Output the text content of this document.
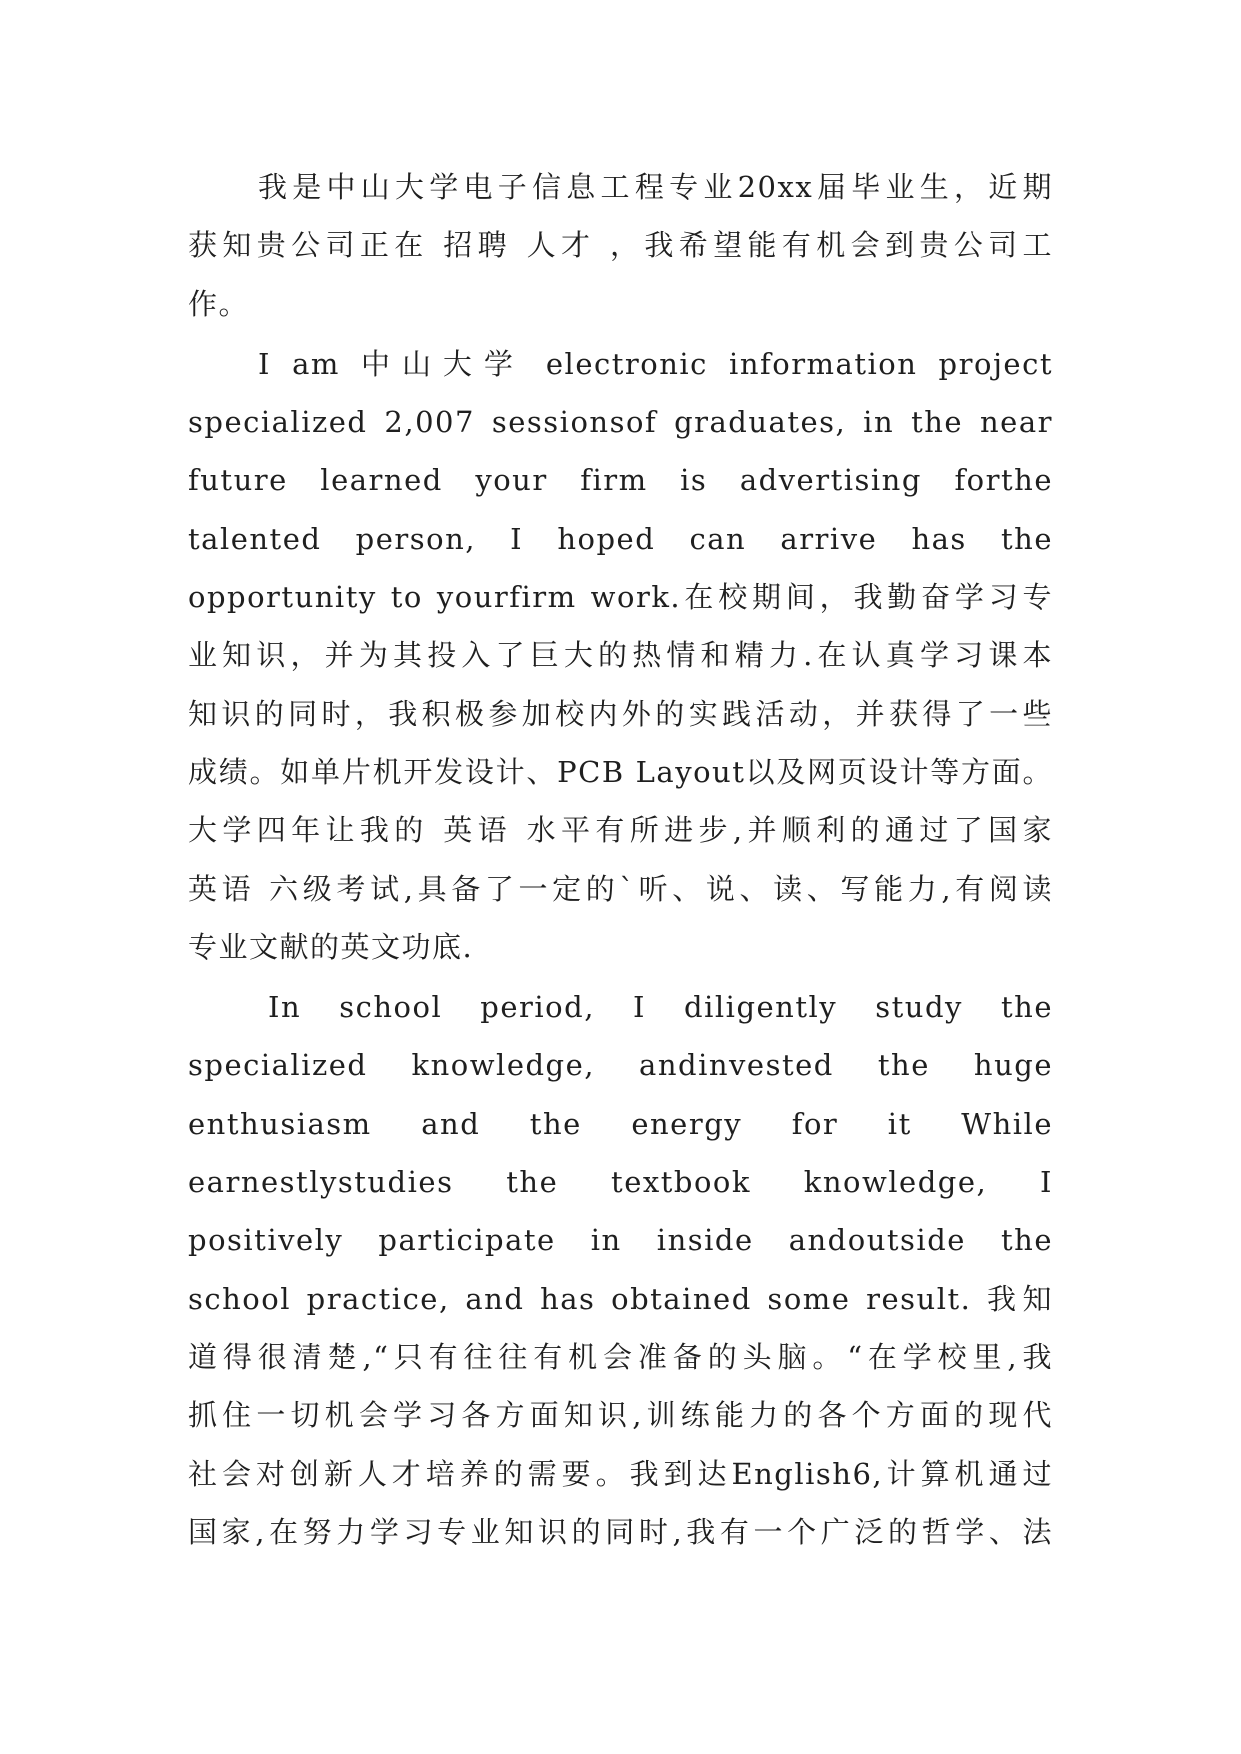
我是中山大学电子信息工程专业20xx届毕业生，近期
获知贵公司正在 招聘 人才 ，我希望能有机会到贵公司工
作。
I am 中山大学 electronic information project
specialized 2,007 sessionsof graduates, in the near
future learned your firm is advertising forthe
talented person, I hoped can arrive has the
opportunity to yourfirm work.在校期间，我勤奋学习专
业知识，并为其投入了巨大的热情和精力.在认真学习课本
知识的同时，我积极参加校内外的实践活动，并获得了一些
成绩。如单片机开发设计、PCB Layout以及网页设计等方面。
大学四年让我的 英语 水平有所进步,并顺利的通过了国家
英语 六级考试,具备了一定的`听、说、读、写能力,有阅读
专业文献的英文功底.
In school period, I diligently study the
specialized knowledge, andinvested the huge
enthusiasm and the energy for it While
earnestlystudies the textbook knowledge, I
positively participate in inside andoutside the
school practice, and has obtained some result. 我知
道得很清楚,“只有往往有机会准备的头脑。“在学校里,我
抓住一切机会学习各方面知识,训练能力的各个方面的现代
社会对创新人才培养的需要。我到达English6,计算机通过
国家,在努力学习专业知识的同时,我有一个广泛的哲学、法
